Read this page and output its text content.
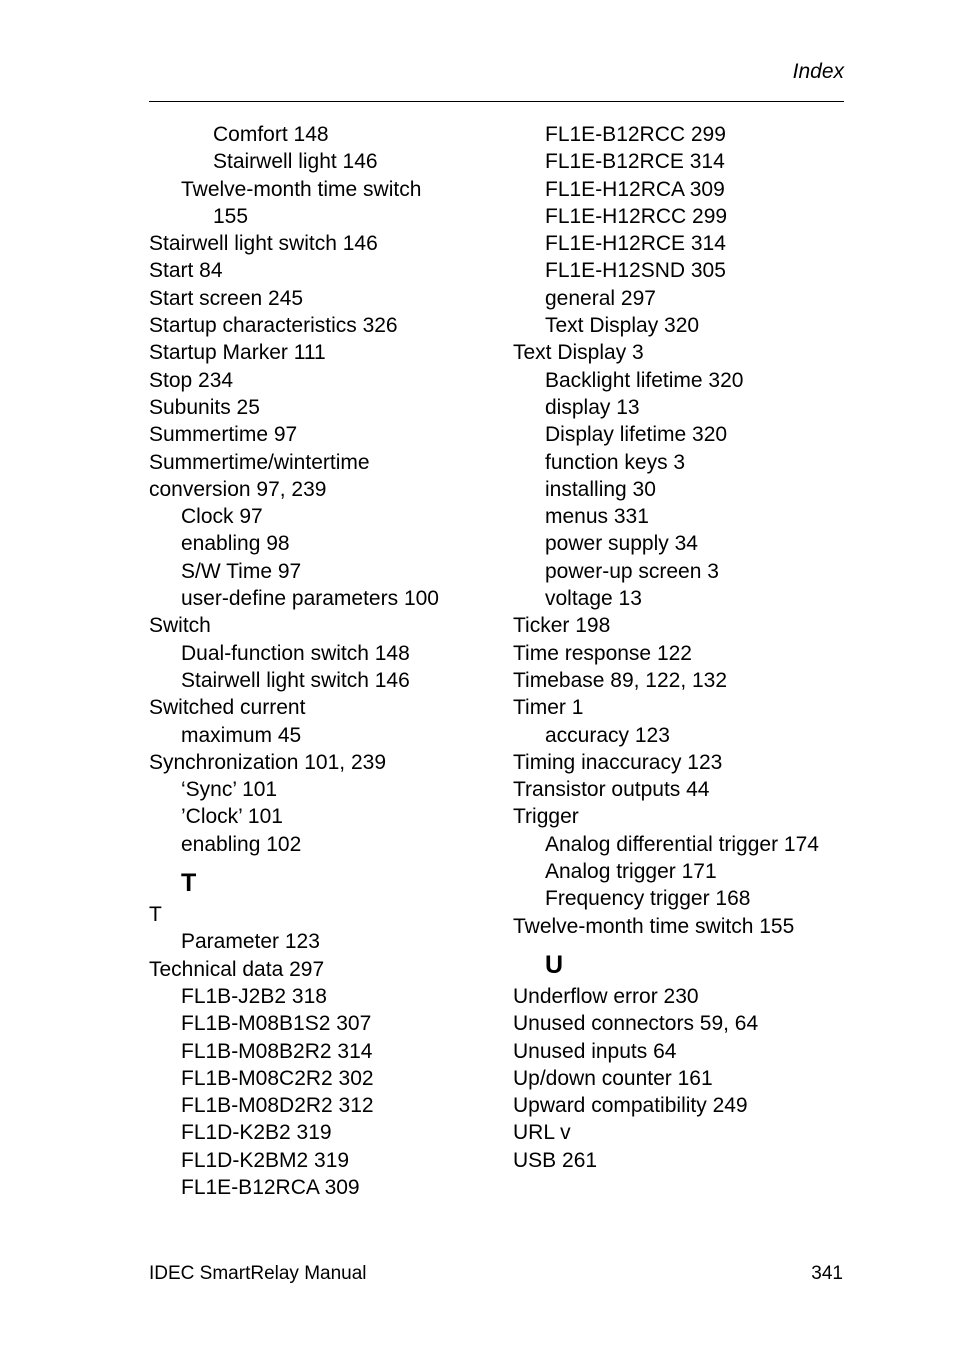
Index
Comfort 148
Stairwell light 146
Twelve-month time switch
155
Stairwell light switch 146
Start 84
Start screen 245
Startup characteristics 326
Startup Marker 111
Stop 234
Subunits 25
Summertime 97
Summertime/wintertime
conversion 97, 239
Clock 97
enabling 98
S/W Time 97
user-define parameters 100
Switch
Dual-function switch 148
Stairwell light switch 146
Switched current
maximum 45
Synchronization 101, 239
‘Sync’ 101
’Clock’ 101
enabling 102
T
T
Parameter 123
Technical data 297
FL1B-J2B2 318
FL1B-M08B1S2 307
FL1B-M08B2R2 314
FL1B-M08C2R2 302
FL1B-M08D2R2 312
FL1D-K2B2 319
FL1D-K2BM2 319
FL1E-B12RCA 309
FL1E-B12RCC 299
FL1E-B12RCE 314
FL1E-H12RCA 309
FL1E-H12RCC 299
FL1E-H12RCE 314
FL1E-H12SND 305
general 297
Text Display 320
Text Display 3
Backlight lifetime 320
display 13
Display lifetime 320
function keys 3
installing 30
menus 331
power supply 34
power-up screen 3
voltage 13
Ticker 198
Time response 122
Timebase 89, 122, 132
Timer 1
accuracy 123
Timing inaccuracy 123
Transistor outputs 44
Trigger
Analog differential trigger 174
Analog trigger 171
Frequency trigger 168
Twelve-month time switch 155
U
Underflow error 230
Unused connectors 59, 64
Unused inputs 64
Up/down counter 161
Upward compatibility 249
URL v
USB 261
IDEC SmartRelay Manual	341
